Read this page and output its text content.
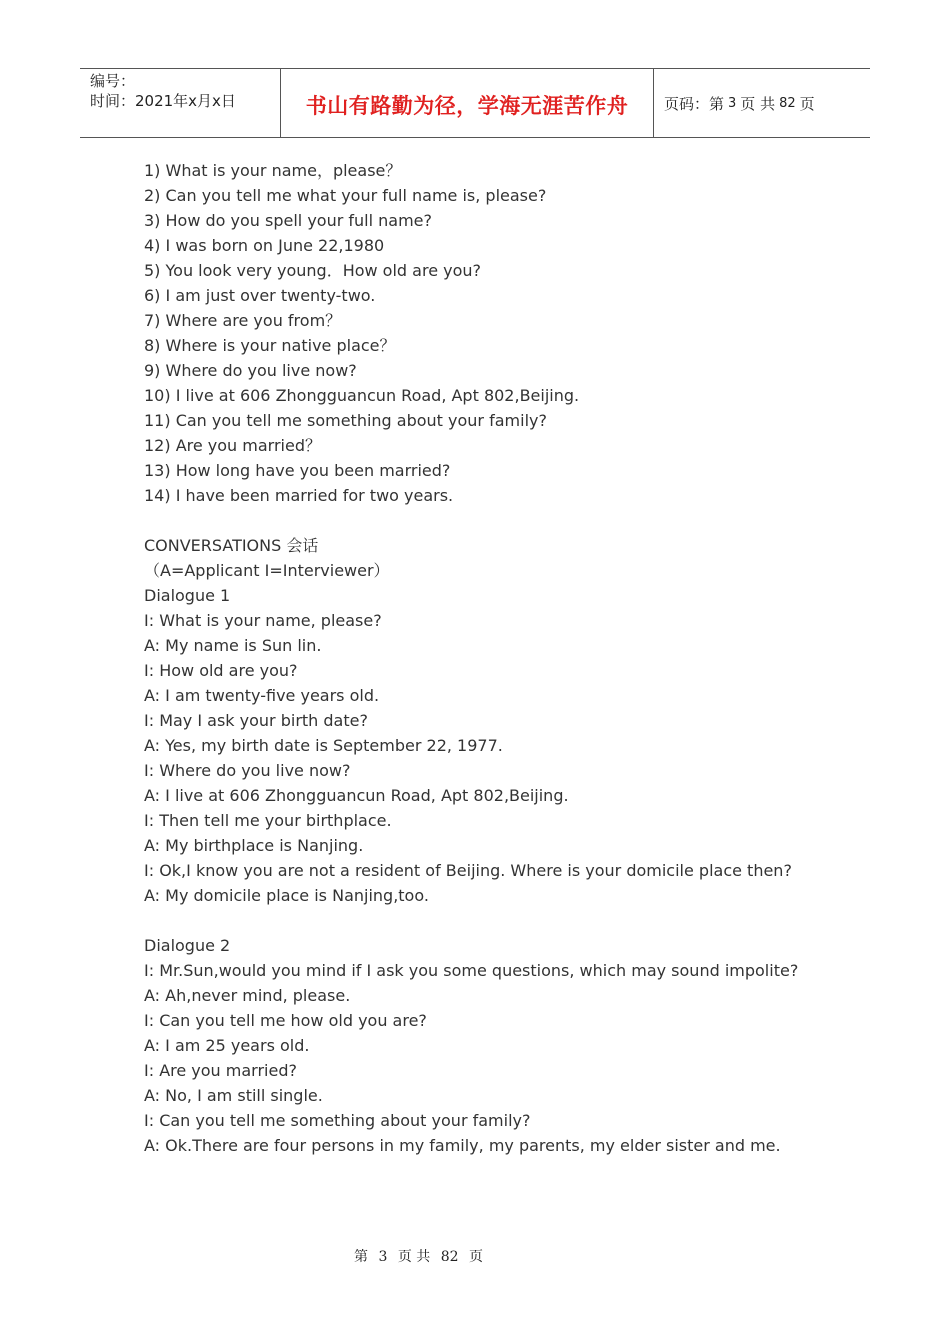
编号：
时间：2021年x月x日	书山有路勤为径，学海无涯苦作舟	页码：第 3 页 共 82 页

1) What is your name，please？

2) Can you tell me what your full name is, please?

3) How do you spell your full name?

4) I was born on June 22,1980

5) You look very young．How old are you?

6) I am just over twenty-two.

7) Where are you from？

8) Where is your native place？

9) Where do you live now?

10) I live at 606 Zhongguancun Road, Apt 802,Beijing.

11) Can you tell me something about your family?

12) Are you married？

13) How long have you been married?

14) I have been married for two years.

CONVERSATIONS 会话

（A=Applicant I=Interviewer）

Dialogue 1

I: What is your name, please?

A: My name is Sun lin.

I: How old are you?

A: I am twenty-five years old.

I: May I ask your birth date?

A: Yes, my birth date is September 22, 1977.

I: Where do you live now?

A: I live at 606 Zhongguancun Road, Apt 802,Beijing.

I: Then tell me your birthplace.

A: My birthplace is Nanjing.

I: Ok,I know you are not a resident of Beijing. Where is your domicile place then?

A: My domicile place is Nanjing,too.

Dialogue 2

I: Mr.Sun,would you mind if I ask you some questions, which may sound impolite?

A: Ah,never mind, please.

I: Can you tell me how old you are?

A: I am 25 years old.

I: Are you married?

A: No, I am still single.

I: Can you tell me something about your family?

A: Ok.There are four persons in my family, my parents, my elder sister and me.

第 3 页 共 82 页
